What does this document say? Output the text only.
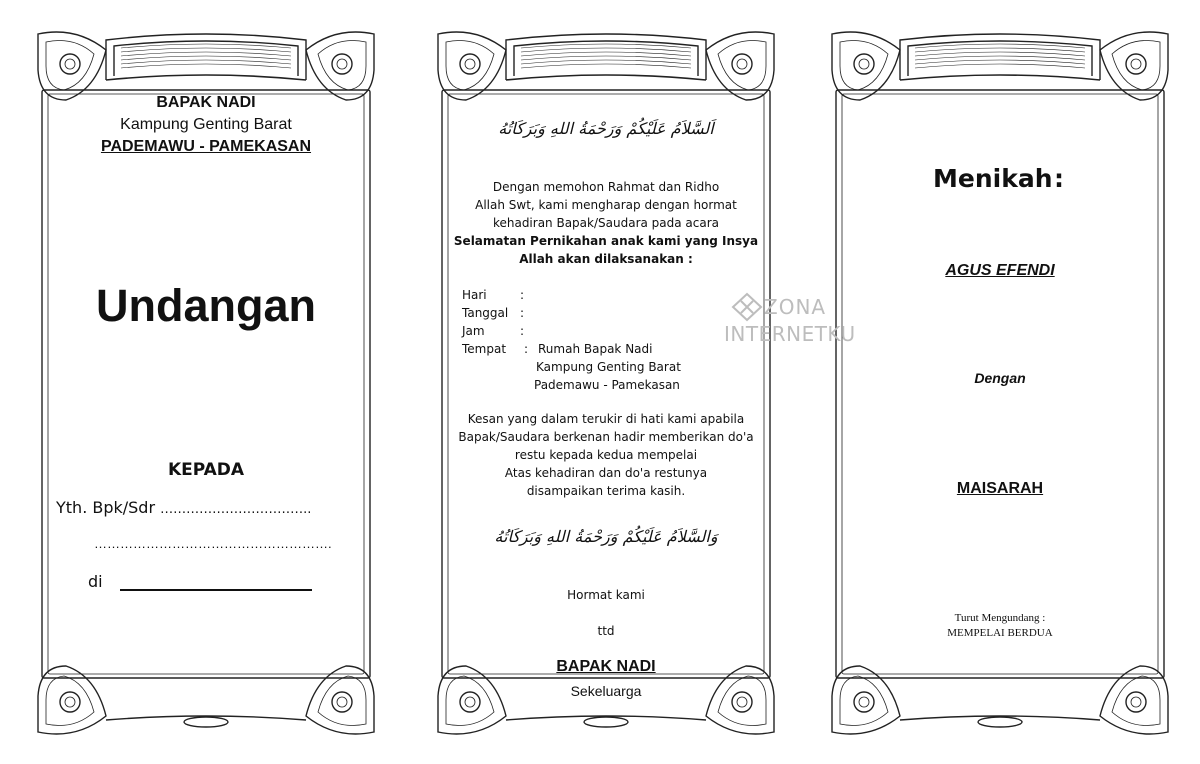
BAPAK NADI
Kampung Genting Barat
PADEMAWU - PAMEKASAN
Undangan
KEPADA
Yth. Bpk/Sdr ……………………………..
……………………………………………….
di
اَلسَّلاَمُ عَلَيْكُمْ وَرَحْمَةُ اللهِ وَبَرَكَاتُهُ
Dengan memohon Rahmat dan Ridho
Allah Swt, kami mengharap dengan hormat
kehadiran Bapak/Saudara pada acara
Selamatan Pernikahan anak kami yang Insya
Allah akan dilaksanakan :
Hari	:
Tanggal :
Jam	:
Tempat : Rumah Bapak Nadi
Kampung Genting Barat
Pademawu - Pamekasan
Kesan yang dalam terukir di hati kami apabila
Bapak/Saudara berkenan hadir memberikan do'a
restu kepada kedua mempelai
Atas kehadiran dan do'a restunya
disampaikan terima kasih.
وَالسَّلاَمُ عَلَيْكُمْ وَرَحْمَةُ اللهِ وَبَرَكَاتُهُ
Hormat kami
ttd
BAPAK NADI
Sekeluarga
Menikah :
AGUS EFENDI
Dengan
MAISARAH
Turut Mengundang :
MEMPELAI BERDUA
ZONA
INTERNETKU
